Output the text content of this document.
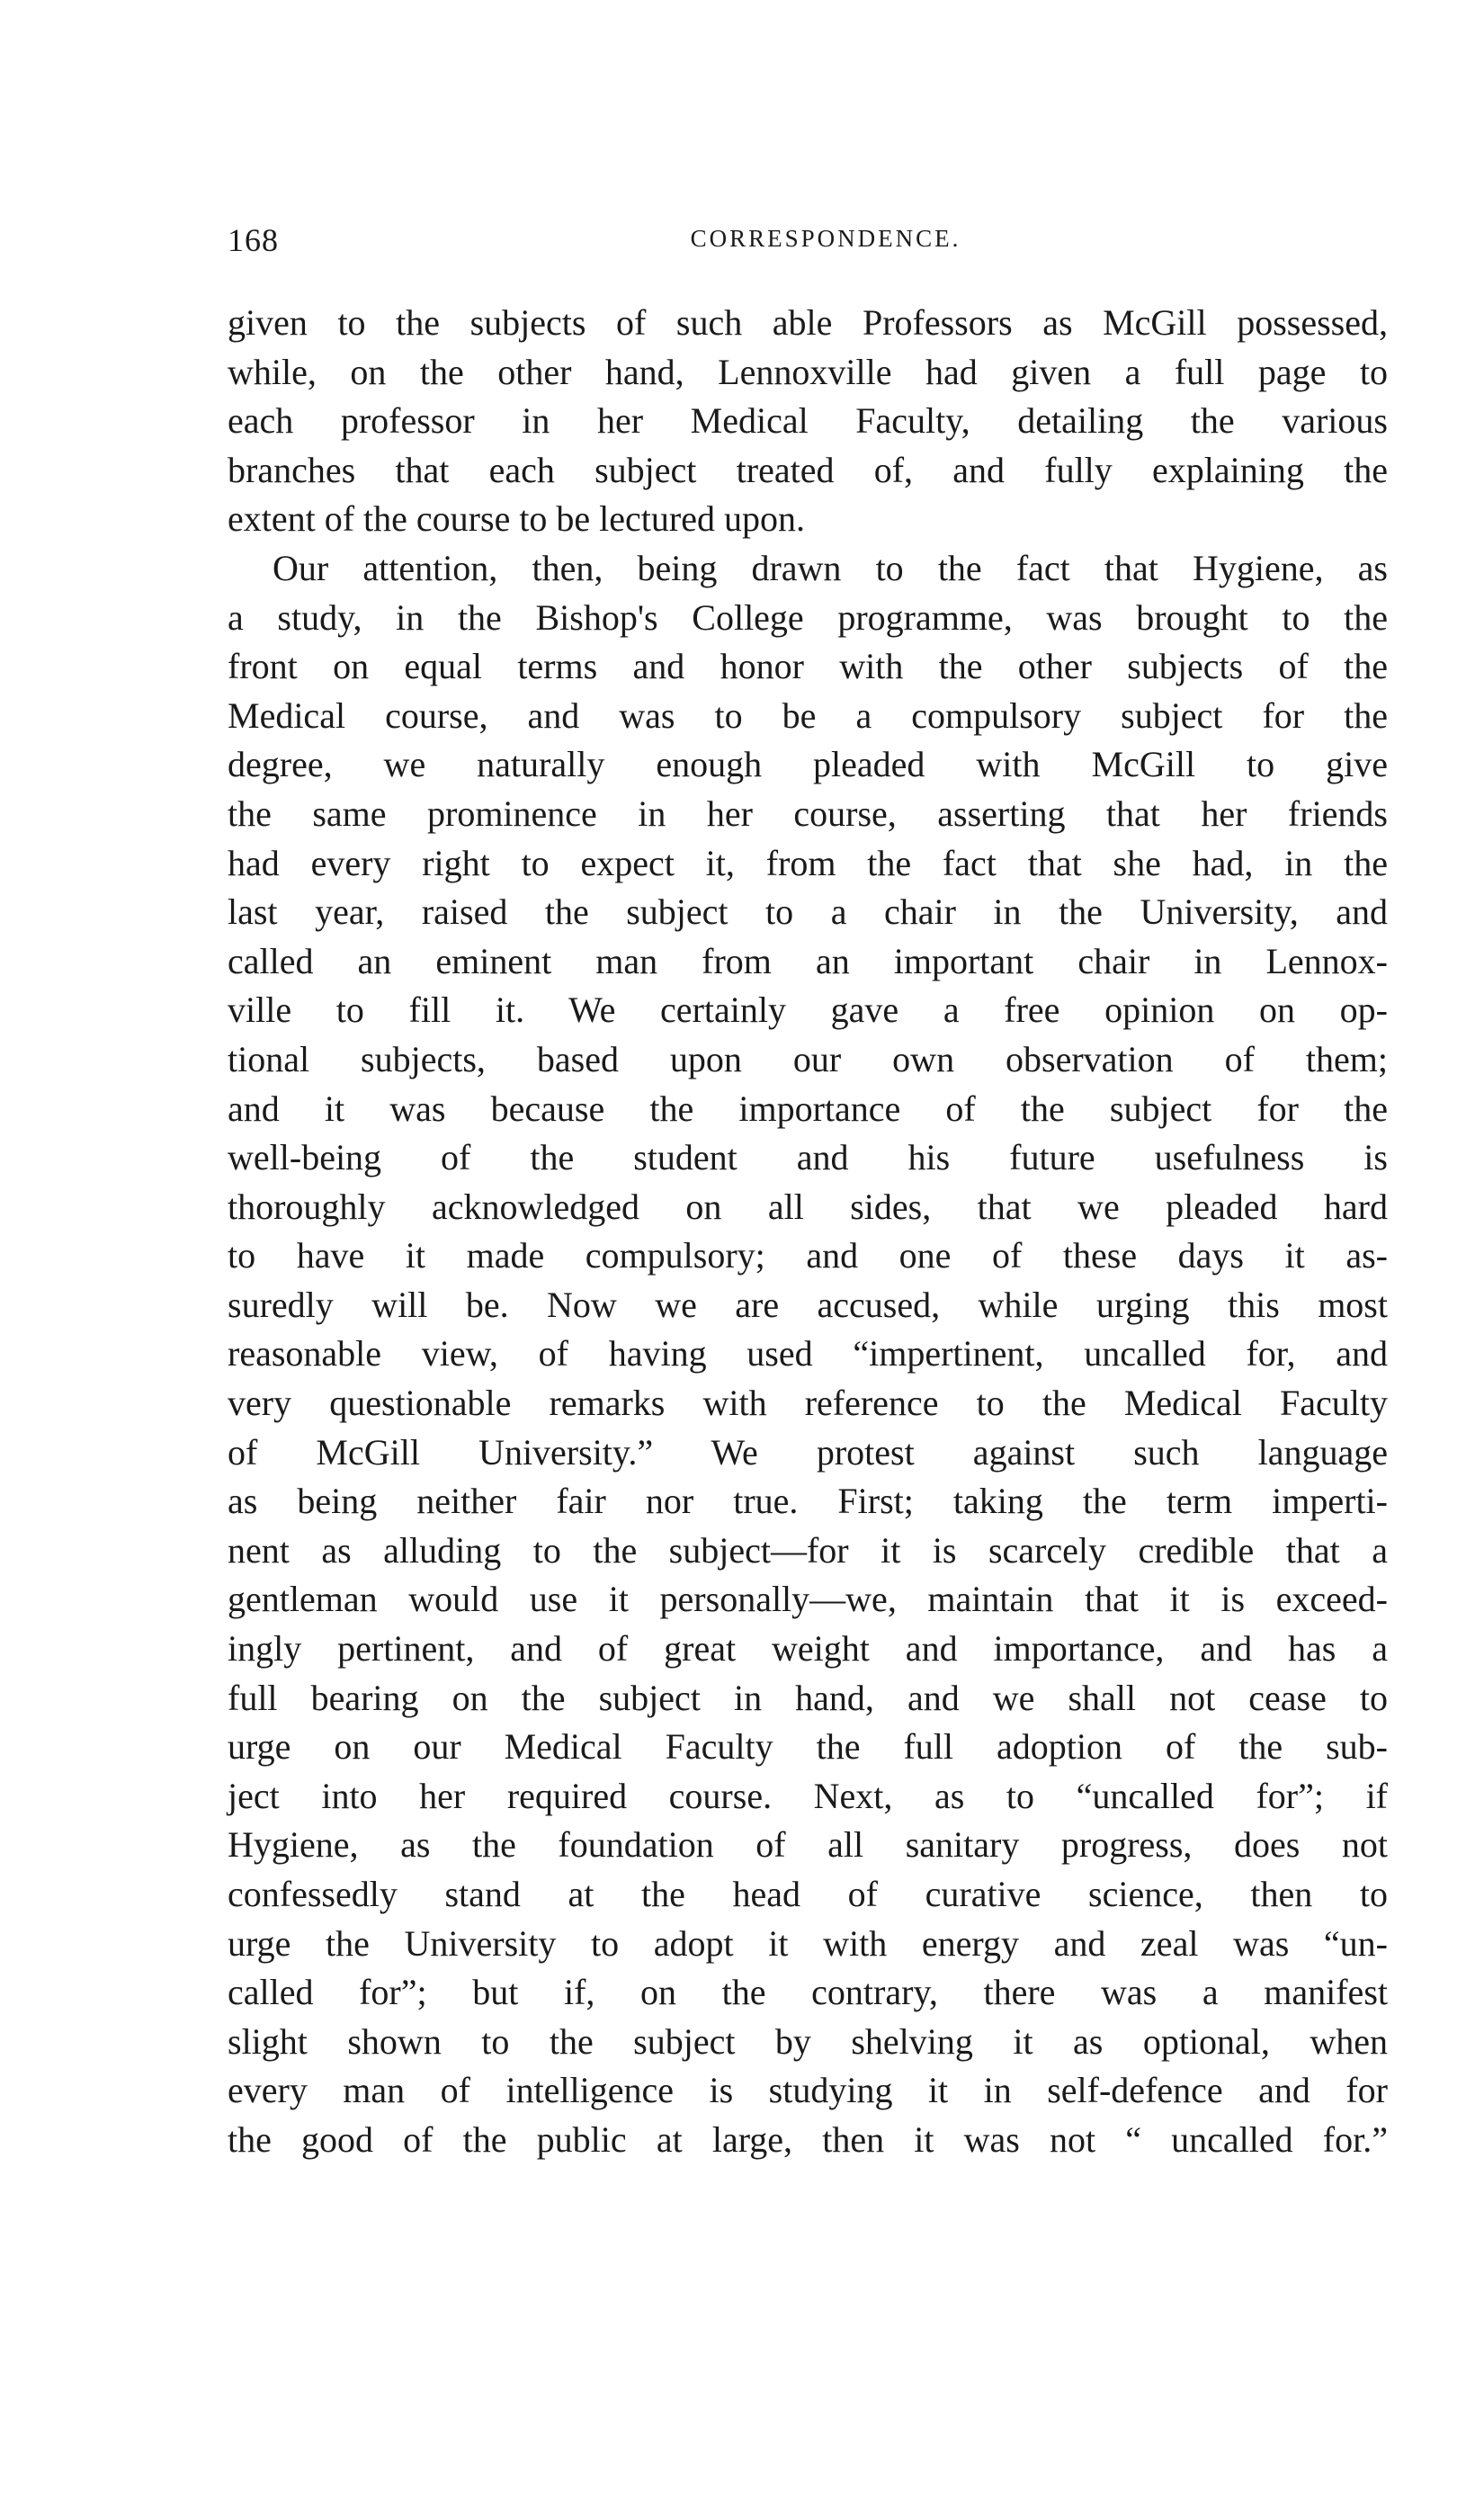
168	CORRESPONDENCE.
given to the subjects of such able Professors as McGill possessed,
while, on the other hand, Lennoxville had given a full page to
each professor in her Medical Faculty, detailing the various
branches that each subject treated of, and fully explaining the
extent of the course to be lectured upon.
Our attention, then, being drawn to the fact that Hygiene, as
a study, in the Bishop's College programme, was brought to the
front on equal terms and honor with the other subjects of the
Medical course, and was to be a compulsory subject for the
degree, we naturally enough pleaded with McGill to give
the same prominence in her course, asserting that her friends
had every right to expect it, from the fact that she had, in the
last year, raised the subject to a chair in the University, and
called an eminent man from an important chair in Lennox-
ville to fill it. We certainly gave a free opinion on op-
tional subjects, based upon our own observation of them;
and it was because the importance of the subject for the
well-being of the student and his future usefulness is
thoroughly acknowledged on all sides, that we pleaded hard
to have it made compulsory; and one of these days it as-
suredly will be. Now we are accused, while urging this most
reasonable view, of having used “impertinent, uncalled for, and
very questionable remarks with reference to the Medical Faculty
of McGill University.” We protest against such language
as being neither fair nor true. First; taking the term imperti-
nent as alluding to the subject—for it is scarcely credible that a
gentleman would use it personally—we, maintain that it is exceed-
ingly pertinent, and of great weight and importance, and has a
full bearing on the subject in hand, and we shall not cease to
urge on our Medical Faculty the full adoption of the sub-
ject into her required course. Next, as to “uncalled for”; if
Hygiene, as the foundation of all sanitary progress, does not
confessedly stand at the head of curative science, then to
urge the University to adopt it with energy and zeal was “un-
called for”; but if, on the contrary, there was a manifest
slight shown to the subject by shelving it as optional, when
every man of intelligence is studying it in self-defence and for
the good of the public at large, then it was not “ uncalled for.”
